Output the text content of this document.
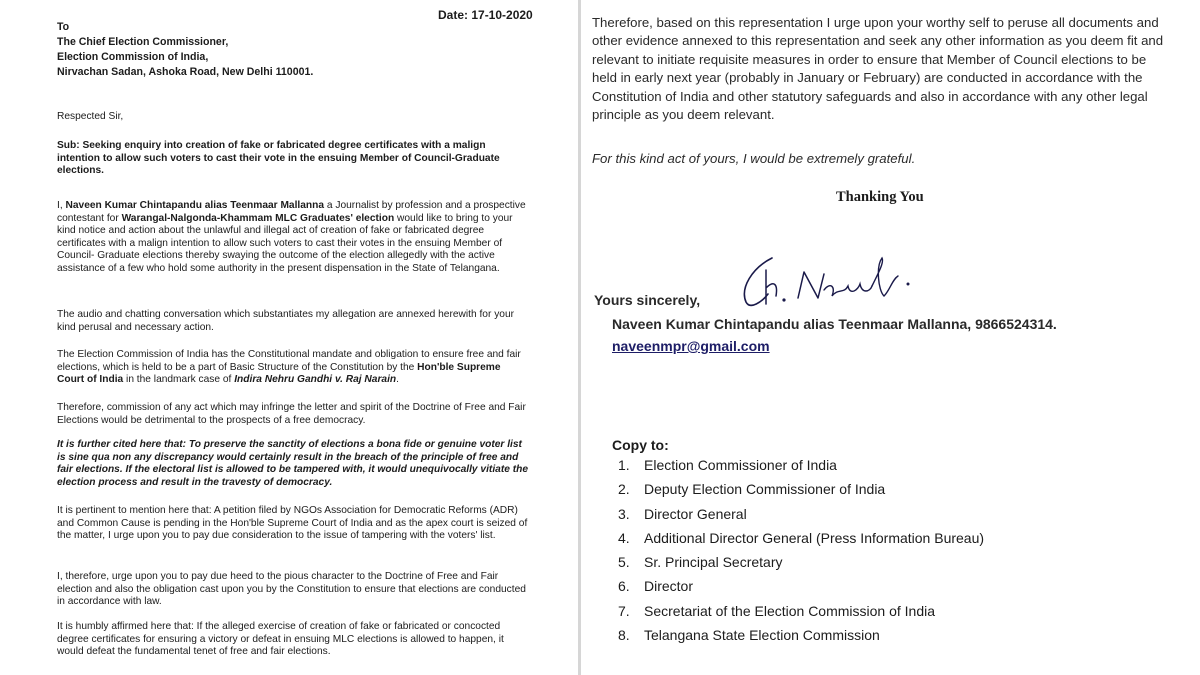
Date: 17-10-2020
To
The Chief Election Commissioner,
Election Commission of India,
Nirvachan Sadan, Ashoka Road, New Delhi 110001.

Respected Sir,

Sub: Seeking enquiry into creation of fake or fabricated degree certificates with a malign intention to allow such voters to cast their vote in the ensuing Member of Council-Graduate elections.

I, Naveen Kumar Chintapandu alias Teenmaar Mallanna a Journalist by profession and a prospective contestant for Warangal-Nalgonda-Khammam MLC Graduates' election would like to bring to your kind notice and action about the unlawful and illegal act of creation of fake or fabricated degree certificates with a malign intention to allow such voters to cast their votes in the ensuing Member of Council- Graduate elections thereby swaying the outcome of the election allegedly with the active assistance of a few who hold some authority in the present dispensation in the State of Telangana.

The audio and chatting conversation which substantiates my allegation are annexed herewith for your kind perusal and necessary action.

The Election Commission of India has the Constitutional mandate and obligation to ensure free and fair elections, which is held to be a part of Basic Structure of the Constitution by the Hon'ble Supreme Court of India in the landmark case of Indira Nehru Gandhi v. Raj Narain.

Therefore, commission of any act which may infringe the letter and spirit of the Doctrine of Free and Fair Elections would be detrimental to the prospects of a free democracy.

It is further cited here that: To preserve the sanctity of elections a bona fide or genuine voter list is sine qua non any discrepancy would certainly result in the breach of the principle of free and fair elections. If the electoral list is allowed to be tampered with, it would unequivocally vitiate the election process and result in the travesty of democracy.

It is pertinent to mention here that: A petition filed by NGOs Association for Democratic Reforms (ADR) and Common Cause is pending in the Hon'ble Supreme Court of India and as the apex court is seized of the matter, I urge upon you to pay due consideration to the issue of tampering with the voters' list.

I, therefore, urge upon you to pay due heed to the pious character to the Doctrine of Free and Fair election and also the obligation cast upon you by the Constitution to ensure that elections are conducted in accordance with law.

It is humbly affirmed here that: If the alleged exercise of creation of fake or fabricated or concocted degree certificates for ensuring a victory or defeat in ensuing MLC elections is allowed to happen, it would defeat the fundamental tenet of free and fair elections.

Therefore, based on this representation I urge upon your worthy self to peruse all documents and other evidence annexed to this representation and seek any other information as you deem fit and relevant to initiate requisite measures in order to ensure that Member of Council elections to be held in early next year (probably in January or February) are conducted in accordance with the Constitution of India and other statutory safeguards and also in accordance with any other legal principle as you deem relevant.

For this kind act of yours, I would be extremely grateful.

Thanking You
Yours sincerely,
Naveen Kumar Chintapandu alias Teenmaar Mallanna, 9866524314.
naveenmpr@gmail.com
Copy to:
1.	Election Commissioner of India
2.	Deputy Election Commissioner of India
3.	Director General
4.	Additional Director General (Press Information Bureau)
5.	Sr. Principal Secretary
6.	Director
7.	Secretariat of the Election Commission of India
8.	Telangana State Election Commission
